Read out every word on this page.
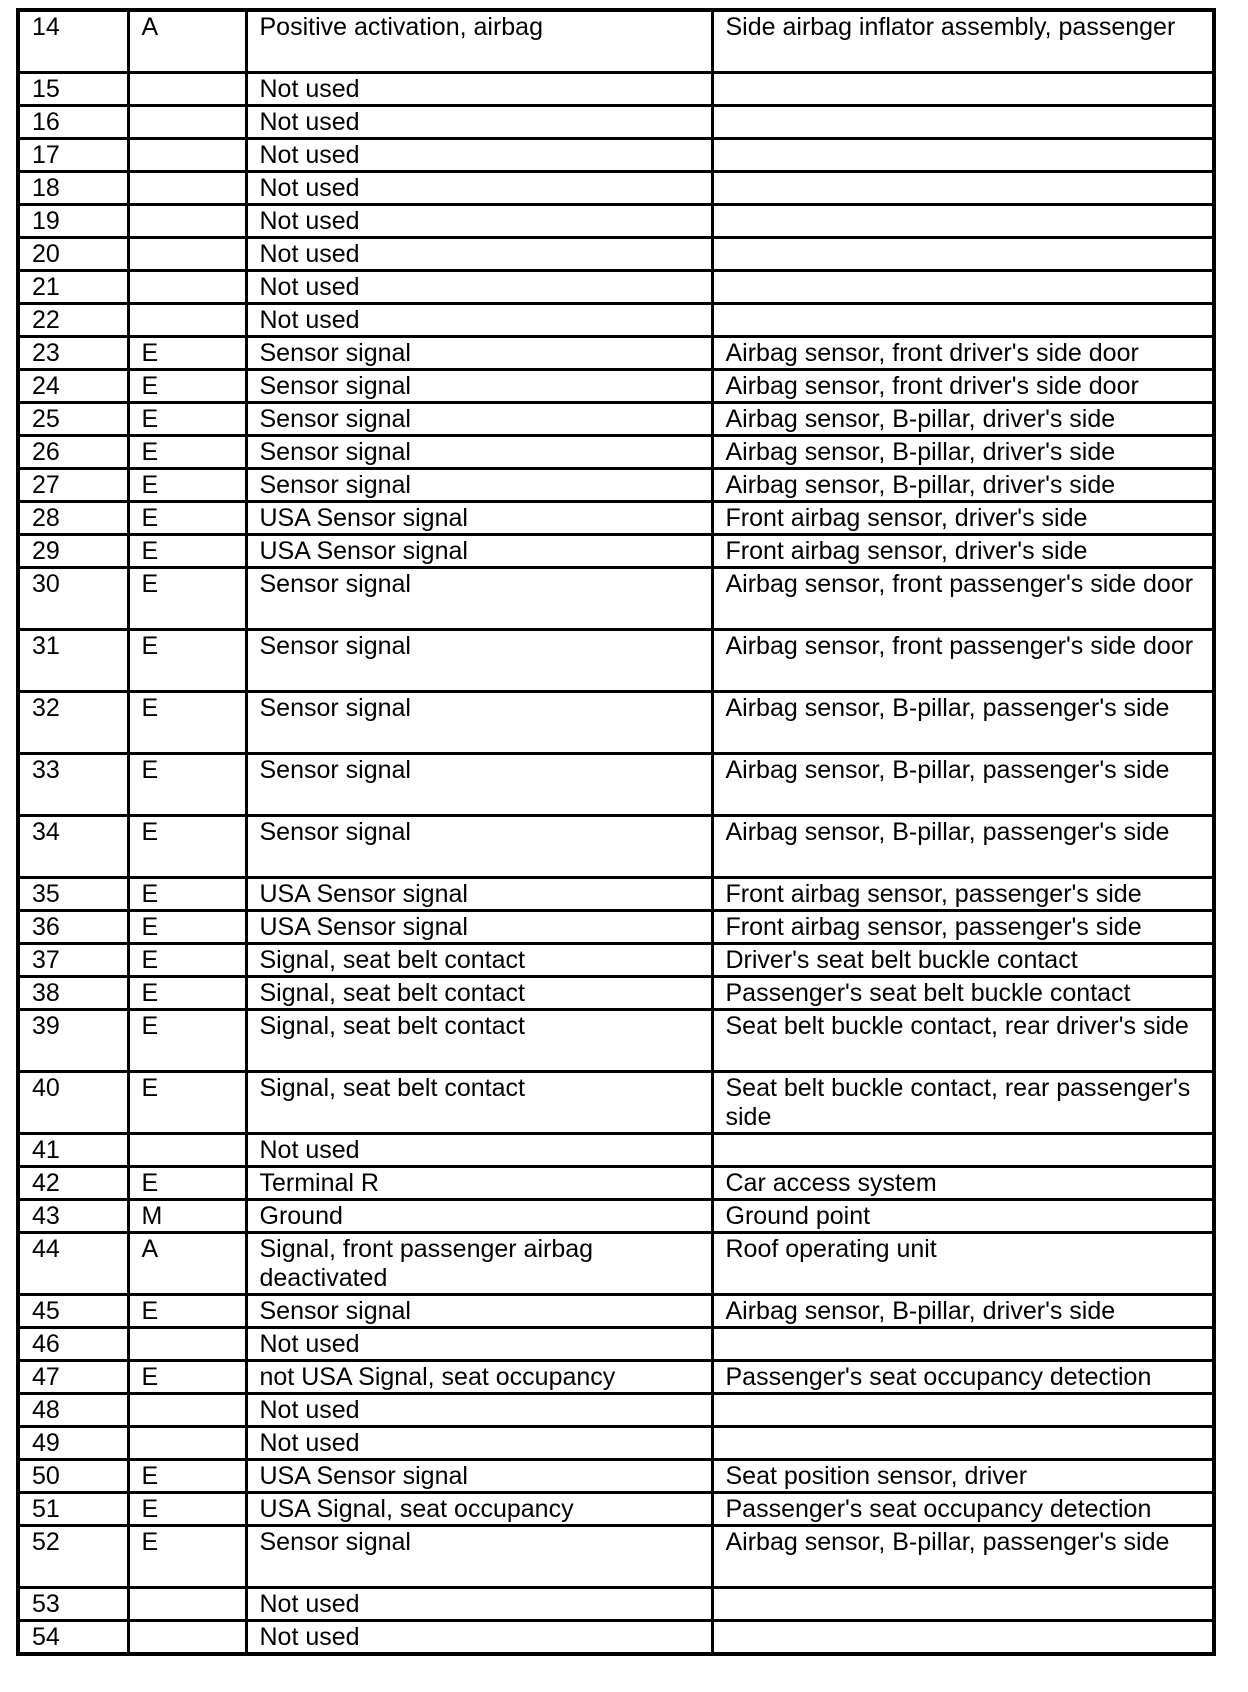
14	A	Positive activation, airbag	Side airbag inflator assembly, passenger
15		Not used	
16		Not used	
17		Not used	
18		Not used	
19		Not used	
20		Not used	
21		Not used	
22		Not used	
23	E	Sensor signal	Airbag sensor, front driver's side door
24	E	Sensor signal	Airbag sensor, front driver's side door
25	E	Sensor signal	Airbag sensor, B-pillar, driver's side
26	E	Sensor signal	Airbag sensor, B-pillar, driver's side
27	E	Sensor signal	Airbag sensor, B-pillar, driver's side
28	E	USA Sensor signal	Front airbag sensor, driver's side
29	E	USA Sensor signal	Front airbag sensor, driver's side
30	E	Sensor signal	Airbag sensor, front passenger's side door
31	E	Sensor signal	Airbag sensor, front passenger's side door
32	E	Sensor signal	Airbag sensor, B-pillar, passenger's side
33	E	Sensor signal	Airbag sensor, B-pillar, passenger's side
34	E	Sensor signal	Airbag sensor, B-pillar, passenger's side
35	E	USA Sensor signal	Front airbag sensor, passenger's side
36	E	USA Sensor signal	Front airbag sensor, passenger's side
37	E	Signal, seat belt contact	Driver's seat belt buckle contact
38	E	Signal, seat belt contact	Passenger's seat belt buckle contact
39	E	Signal, seat belt contact	Seat belt buckle contact, rear driver's side
40	E	Signal, seat belt contact	Seat belt buckle contact, rear passenger's side
41		Not used	
42	E	Terminal R	Car access system
43	M	Ground	Ground point
44	A	Signal, front passenger airbag deactivated	Roof operating unit
45	E	Sensor signal	Airbag sensor, B-pillar, driver's side
46		Not used	
47	E	not USA Signal, seat occupancy	Passenger's seat occupancy detection
48		Not used	
49		Not used	
50	E	USA Sensor signal	Seat position sensor, driver
51	E	USA Signal, seat occupancy	Passenger's seat occupancy detection
52	E	Sensor signal	Airbag sensor, B-pillar, passenger's side
53		Not used	
54		Not used	
